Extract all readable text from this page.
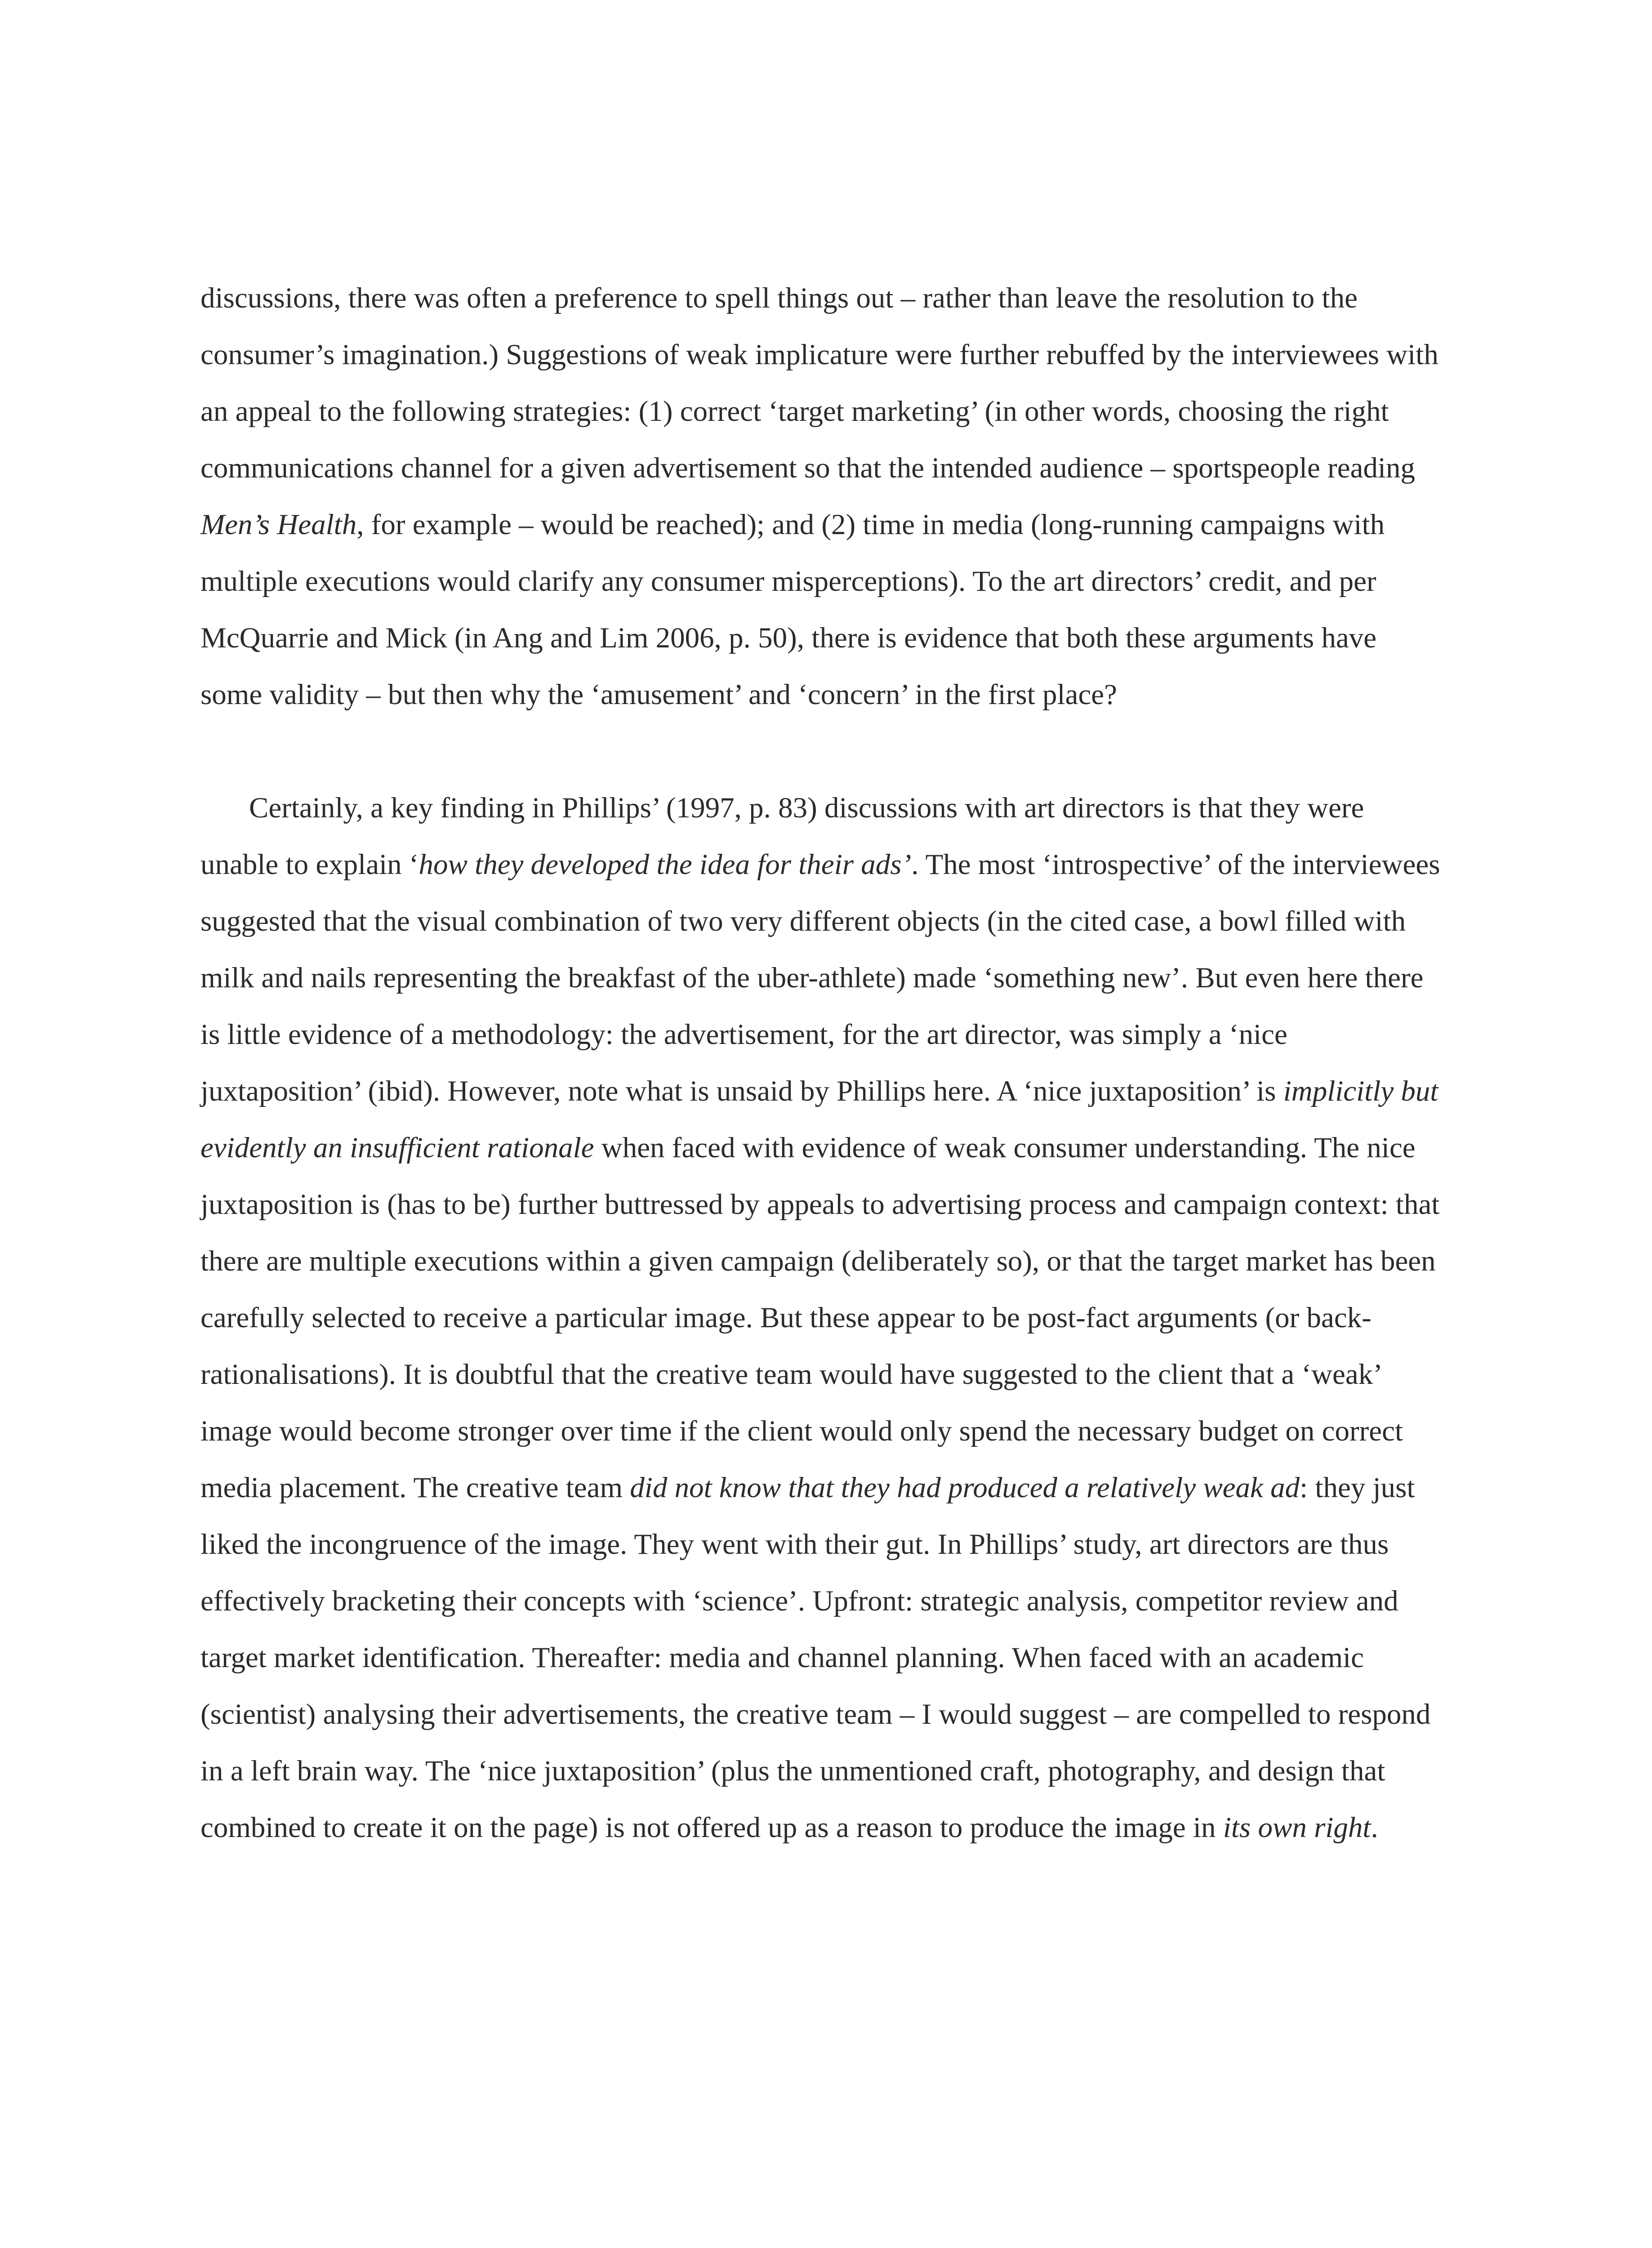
discussions, there was often a preference to spell things out – rather than leave the resolution to the consumer’s imagination.) Suggestions of weak implicature were further rebuffed by the interviewees with an appeal to the following strategies: (1) correct ‘target marketing’ (in other words, choosing the right communications channel for a given advertisement so that the intended audience – sportspeople reading Men’s Health, for example – would be reached); and (2) time in media (long-running campaigns with multiple executions would clarify any consumer misperceptions). To the art directors’ credit, and per McQuarrie and Mick (in Ang and Lim 2006, p. 50), there is evidence that both these arguments have some validity – but then why the ‘amusement’ and ‘concern’ in the first place?

Certainly, a key finding in Phillips’ (1997, p. 83) discussions with art directors is that they were unable to explain ‘how they developed the idea for their ads’. The most ‘introspective’ of the interviewees suggested that the visual combination of two very different objects (in the cited case, a bowl filled with milk and nails representing the breakfast of the uber-athlete) made ‘something new’. But even here there is little evidence of a methodology: the advertisement, for the art director, was simply a ‘nice juxtaposition’ (ibid). However, note what is unsaid by Phillips here. A ‘nice juxtaposition’ is implicitly but evidently an insufficient rationale when faced with evidence of weak consumer understanding. The nice juxtaposition is (has to be) further buttressed by appeals to advertising process and campaign context: that there are multiple executions within a given campaign (deliberately so), or that the target market has been carefully selected to receive a particular image. But these appear to be post-fact arguments (or back-rationalisations). It is doubtful that the creative team would have suggested to the client that a ‘weak’ image would become stronger over time if the client would only spend the necessary budget on correct media placement. The creative team did not know that they had produced a relatively weak ad: they just liked the incongruence of the image. They went with their gut. In Phillips’ study, art directors are thus effectively bracketing their concepts with ‘science’. Upfront: strategic analysis, competitor review and target market identification. Thereafter: media and channel planning. When faced with an academic (scientist) analysing their advertisements, the creative team – I would suggest – are compelled to respond in a left brain way. The ‘nice juxtaposition’ (plus the unmentioned craft, photography, and design that combined to create it on the page) is not offered up as a reason to produce the image in its own right.
